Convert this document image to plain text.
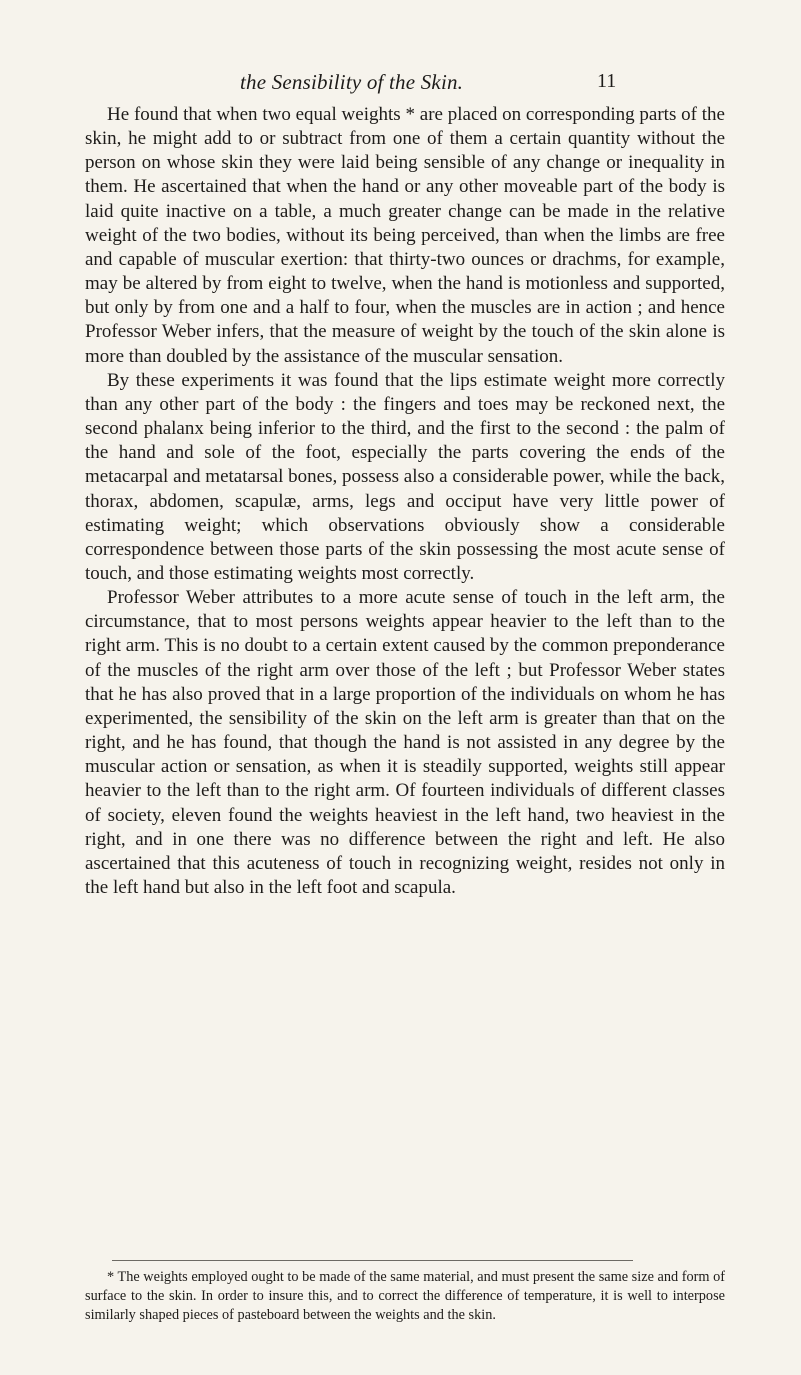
the Sensibility of the Skin.	11

He found that when two equal weights * are placed on corresponding parts of the skin, he might add to or subtract from one of them a certain quantity without the person on whose skin they were laid being sensible of any change or inequality in them. He ascertained that when the hand or any other moveable part of the body is laid quite inactive on a table, a much greater change can be made in the relative weight of the two bodies, without its being perceived, than when the limbs are free and capable of muscular exertion: that thirty-two ounces or drachms, for example, may be altered by from eight to twelve, when the hand is motionless and supported, but only by from one and a half to four, when the muscles are in action ; and hence Professor Weber infers, that the measure of weight by the touch of the skin alone is more than doubled by the assistance of the muscular sensation.

By these experiments it was found that the lips estimate weight more correctly than any other part of the body : the fingers and toes may be reckoned next, the second phalanx being inferior to the third, and the first to the second : the palm of the hand and sole of the foot, especially the parts covering the ends of the metacarpal and metatarsal bones, possess also a considerable power, while the back, thorax, abdomen, scapulæ, arms, legs and occiput have very little power of estimating weight; which observations obviously show a considerable correspondence between those parts of the skin possessing the most acute sense of touch, and those estimating weights most correctly.

Professor Weber attributes to a more acute sense of touch in the left arm, the circumstance, that to most persons weights appear heavier to the left than to the right arm. This is no doubt to a certain extent caused by the common preponderance of the muscles of the right arm over those of the left ; but Professor Weber states that he has also proved that in a large proportion of the individuals on whom he has experimented, the sensibility of the skin on the left arm is greater than that on the right, and he has found, that though the hand is not assisted in any degree by the muscular action or sensation, as when it is steadily supported, weights still appear heavier to the left than to the right arm. Of fourteen individuals of different classes of society, eleven found the weights heaviest in the left hand, two heaviest in the right, and in one there was no difference between the right and left. He also ascertained that this acuteness of touch in recognizing weight, resides not only in the left hand but also in the left foot and scapula.

* The weights employed ought to be made of the same material, and must present the same size and form of surface to the skin. In order to insure this, and to correct the difference of temperature, it is well to interpose similarly shaped pieces of pasteboard between the weights and the skin.
